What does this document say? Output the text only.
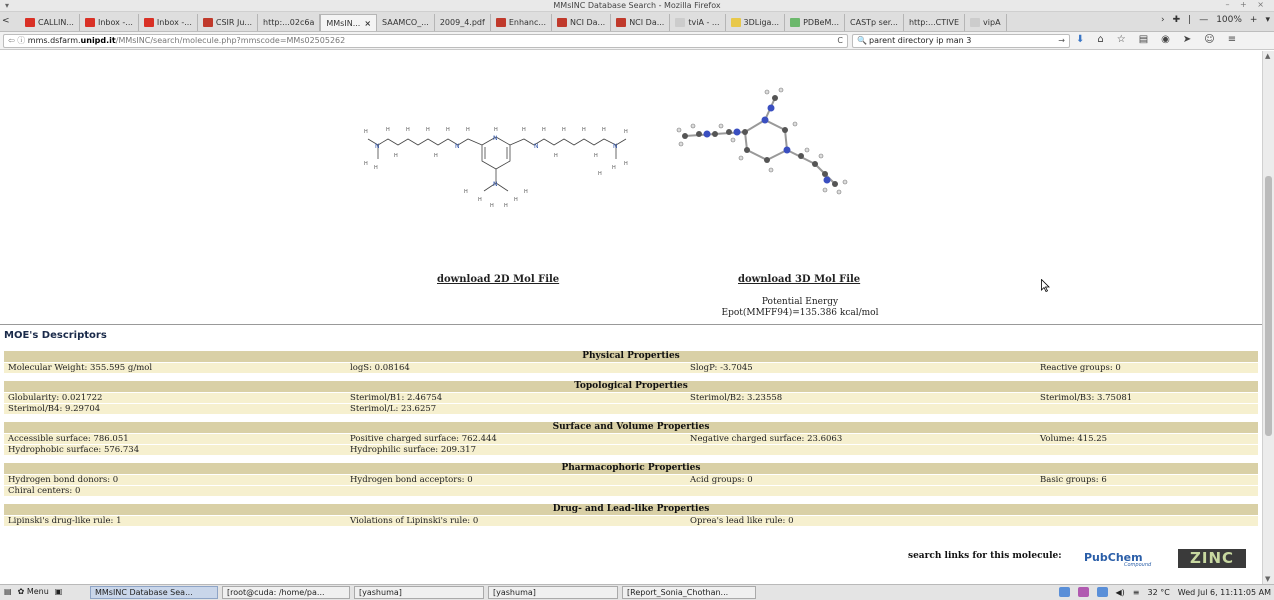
▾	MMsINC Database Search - Mozilla Firefox	– + ×
<	CALLIN...	Inbox -...	Inbox -...	CSIR Ju... http:...02c6a MMsIN... × SAAMCO_... 2009_4.pdf	Enhanc...	NCI Da...	NCI Da...	tviA - ...	3DLiga...	PDBeM... CASTp ser... http:...CTIVE	vipA	› ✚ | — 100% + ▾
⇦ ⓘ mms.dsfarm.unipd.it/MMsINC/search/molecule.php?mmscode=MMs02505262	C 🔍 parent directory ip man 3	→ ⬇ ⌂ ☆ ▤ ◉ ➤ ☺ ≡
H	H	H	H	H	H	H	H	H	H	H	H	H
H
H	H
H
H	H	H	H
H
H H
H
H	H
H
N	N
N
N	N
N
download 2D Mol File	download 3D Mol File
Potential Energy
Epot(MMFF94)=135.386 kcal/mol
MOE's Descriptors
Physical Properties
Molecular Weight: 355.595 g/mol	logS: 0.08164	SlogP: -3.7045	Reactive groups: 0
Topological Properties
Globularity: 0.021722	Sterimol/B1: 2.46754	Sterimol/B2: 3.23558	Sterimol/B3: 3.75081
Sterimol/B4: 9.29704	Sterimol/L: 23.6257
Surface and Volume Properties
Accessible surface: 786.051	Positive charged surface: 762.444	Negative charged surface: 23.6063	Volume: 415.25
Hydrophobic surface: 576.734	Hydrophilic surface: 209.317
Pharmacophoric Properties
Hydrogen bond donors: 0	Hydrogen bond acceptors: 0	Acid groups: 0	Basic groups: 6
Chiral centers: 0
Drug- and Lead-like Properties
Lipinski's drug-like rule: 1	Violations of Lipinski's rule: 0	Oprea's lead like rule: 0
search links for this molecule: PubChem
Compound	ZINC
▲
▼
▤ ✿ Menu ▣	MMsINC Database Sea...	[root@cuda: /home/pa...	[yashuma]	[yashuma]	[Report_Sonia_Chothan...	◀) ≡ 32 °C Wed Jul 6, 11:11:05 AM
